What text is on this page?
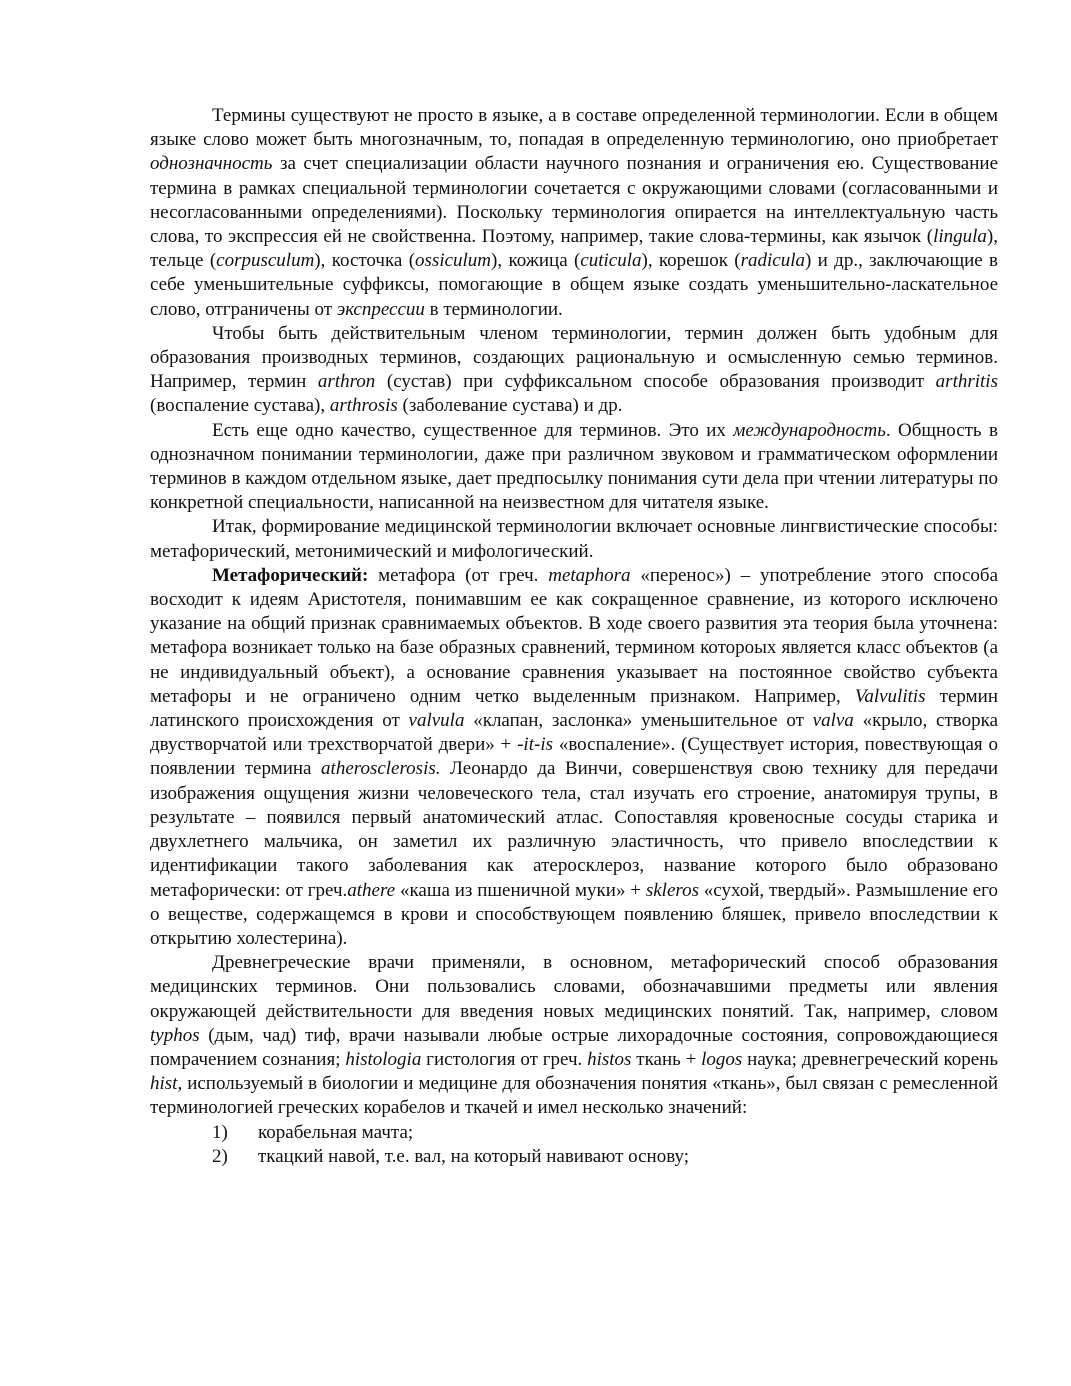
Термины существуют не просто в языке, а в составе определенной терминологии. Если в общем языке слово может быть многозначным, то, попадая в определенную терминологию, оно приобретает однозначность за счет специализации области научного познания и ограничения ею. Существование термина в рамках специальной терминологии сочетается с окружающими словами (согласованными и несогласованными определениями). Поскольку терминология опирается на интеллектуальную часть слова, то экспрессия ей не свойственна. Поэтому, например, такие слова-термины, как язычок (lingula), тельце (corpusculum), косточка (ossiculum), кожица (cuticula), корешок (radicula) и др., заключающие в себе уменьшительные суффиксы, помогающие в общем языке создать уменьшительно-ласкательное слово, отграничены от экспрессии в терминологии.

Чтобы быть действительным членом терминологии, термин должен быть удобным для образования производных терминов, создающих рациональную и осмысленную семью терминов. Например, термин arthron (сустав) при суффиксальном способе образования производит arthritis (воспаление сустава), arthrosis (заболевание сустава) и др.

Есть еще одно качество, существенное для терминов. Это их международность. Общность в однозначном понимании терминологии, даже при различном звуковом и грамматическом оформлении терминов в каждом отдельном языке, дает предпосылку понимания сути дела при чтении литературы по конкретной специальности, написанной на неизвестном для читателя языке.

Итак, формирование медицинской терминологии включает основные лингвистические способы: метафорический, метонимический и мифологический.

Метафорический: метафора (от греч. metaphora «перенос») – употребление этого способа восходит к идеям Аристотеля, понимавшим ее как сокращенное сравнение, из которого исключено указание на общий признак сравнимаемых объектов. В ходе своего развития эта теория была уточнена: метафора возникает только на базе образных сравнений, термином котороых является класс объектов (а не индивидуальный объект), а основание сравнения указывает на постоянное свойство субъекта метафоры и не ограничено одним четко выделенным признаком. Например, Valvulitis термин латинского происхождения от valvula «клапан, заслонка» уменьшительное от valva «крыло, створка двустворчатой или трехстворчатой двери» + -it-is «воспаление». (Существует история, повествующая о появлении термина atherosclerosis. Леонардо да Винчи, совершенствуя свою технику для передачи изображения ощущения жизни человеческого тела, стал изучать его строение, анатомируя трупы, в результате – появился первый анатомический атлас. Сопоставляя кровеносные сосуды старика и двухлетнего мальчика, он заметил их различную эластичность, что привело впоследствии к идентификации такого заболевания как атеросклероз, название которого было образовано метафорически: от греч.athere «каша из пшеничной муки» + skleros «сухой, твердый». Размышление его о веществе, содержащемся в крови и способствующем появлению бляшек, привело впоследствии к открытию холестерина).

Древнегреческие врачи применяли, в основном, метафорический способ образования медицинских терминов. Они пользовались словами, обозначавшими предметы или явления окружающей действительности для введения новых медицинских понятий. Так, например, словом typhos (дым, чад) тиф, врачи называли любые острые лихорадочные состояния, сопровождающиеся помрачением сознания; histologia гистология от греч. histos ткань + logos наука; древнегреческий корень hist, используемый в биологии и медицине для обозначения понятия «ткань», был связан с ремесленной терминологией греческих корабелов и ткачей и имел несколько значений:

1) корабельная мачта;
2) ткацкий навой, т.е. вал, на который навивают основу;
